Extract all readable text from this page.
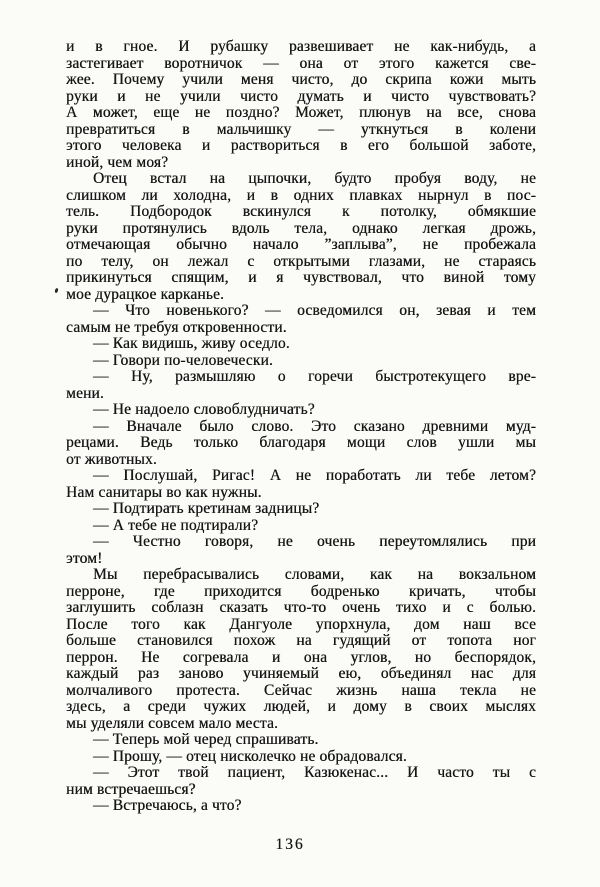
и в гное. И рубашку развешивает не как-нибудь, а
застегивает воротничок — она от этого кажется све-
жее. Почему учили меня чисто, до скрипа кожи мыть
руки и не учили чисто думать и чисто чувствовать?
А может, еще не поздно? Может, плюнув на все, снова
превратиться в мальчишку — уткнуться в колени
этого человека и раствориться в его большой заботе,
иной, чем моя?
Отец встал на цыпочки, будто пробуя воду, не
слишком ли холодна, и в одних плавках нырнул в пос-
тель. Подбородок вскинулся к потолку, обмякшие
руки протянулись вдоль тела, однако легкая дрожь,
отмечающая обычно начало ”заплыва”, не пробежала
по телу, он лежал с открытыми глазами, не стараясь
прикинуться спящим, и я чувствовал, что виной тому
мое дурацкое карканье.
— Что новенького? — осведомился он, зевая и тем
самым не требуя откровенности.
— Как видишь, живу оседло.
— Говори по-человечески.
— Ну, размышляю о горечи быстротекущего вре-
мени.
— Не надоело словоблудничать?
— Вначале было слово. Это сказано древними муд-
рецами. Ведь только благодаря мощи слов ушли мы
от животных.
— Послушай, Ригас! А не поработать ли тебе летом?
Нам санитары во как нужны.
— Подтирать кретинам задницы?
— А тебе не подтирали?
— Честно говоря, не очень переутомлялись при
этом!
Мы перебрасывались словами, как на вокзальном
перроне, где приходится бодренько кричать, чтобы
заглушить соблазн сказать что-то очень тихо и с болью.
После того как Дангуоле упорхнула, дом наш все
больше становился похож на гудящий от топота ног
перрон. Не согревала и она углов, но беспорядок,
каждый раз заново учиняемый ею, объединял нас для
молчаливого протеста. Сейчас жизнь наша текла не
здесь, а среди чужих людей, и дому в своих мыслях
мы уделяли совсем мало места.
— Теперь мой черед спрашивать.
— Прошу, — отец нисколечко не обрадовался.
— Этот твой пациент, Казюкенас... И часто ты с
ним встречаешься?
— Встречаюсь, а что?
136
